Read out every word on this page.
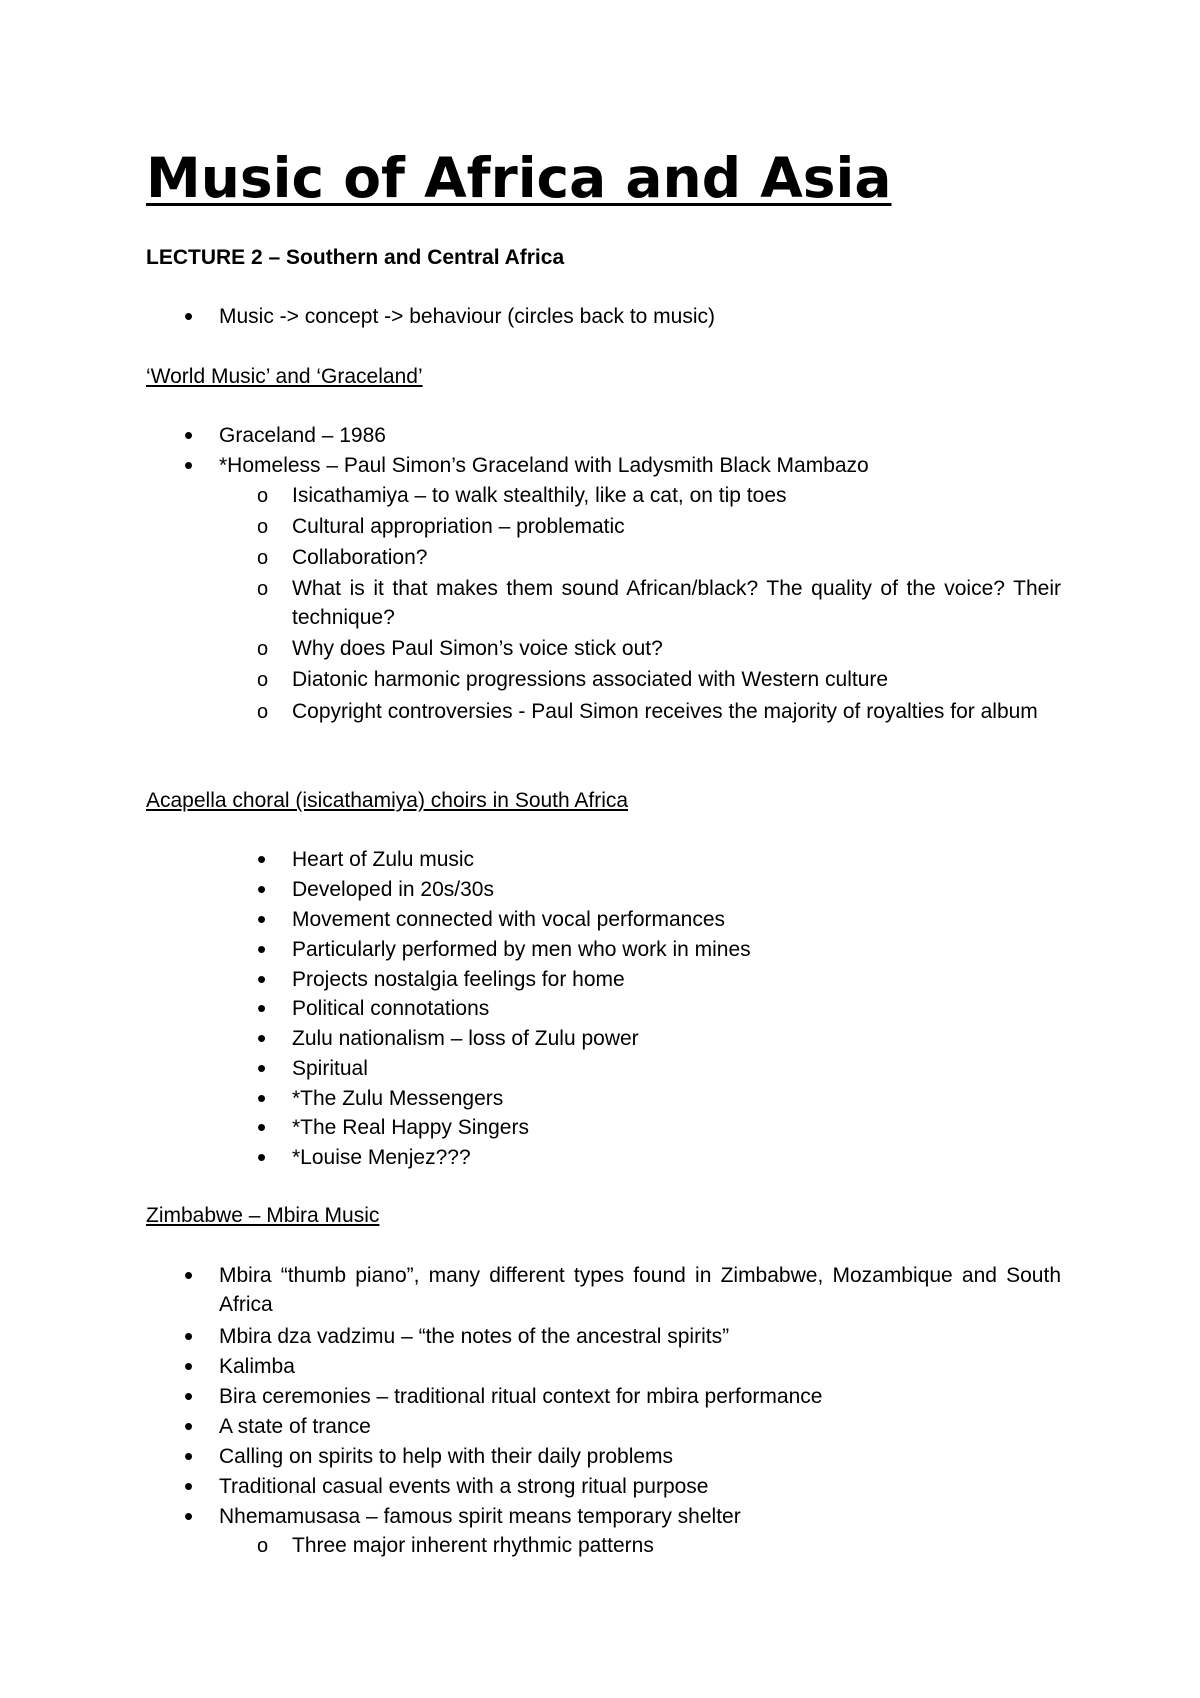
Music of Africa and Asia

LECTURE 2 – Southern and Central Africa

•

Music -> concept -> behaviour (circles back to music)

‘World Music’ and ‘Graceland’

•

Graceland – 1986

•

*Homeless – Paul Simon’s Graceland with Ladysmith Black Mambazo

o

Isicathamiya – to walk stealthily, like a cat, on tip toes

o

Cultural appropriation – problematic

o

Collaboration?

o

What is it that makes them sound African/black? The quality of the voice? Their technique?

o

Why does Paul Simon’s voice stick out?

o

Diatonic harmonic progressions associated with Western culture

o

Copyright controversies - Paul Simon receives the majority of royalties for album

Acapella choral (isicathamiya) choirs in South Africa

•

Heart of Zulu music

•

Developed in 20s/30s

•

Movement connected with vocal performances

•

Particularly performed by men who work in mines

•

Projects nostalgia feelings for home

•

Political connotations

•

Zulu nationalism – loss of Zulu power

•

Spiritual

•

*The Zulu Messengers

•

*The Real Happy Singers

•

*Louise Menjez???

Zimbabwe – Mbira Music

•

Mbira “thumb piano”, many different types found in Zimbabwe, Mozambique and South Africa

•

Mbira dza vadzimu – “the notes of the ancestral spirits”

•

Kalimba

•

Bira ceremonies – traditional ritual context for mbira performance

•

A state of trance

•

Calling on spirits to help with their daily problems

•

Traditional casual events with a strong ritual purpose

•

Nhemamusasa – famous spirit means temporary shelter

o

Three major inherent rhythmic patterns
